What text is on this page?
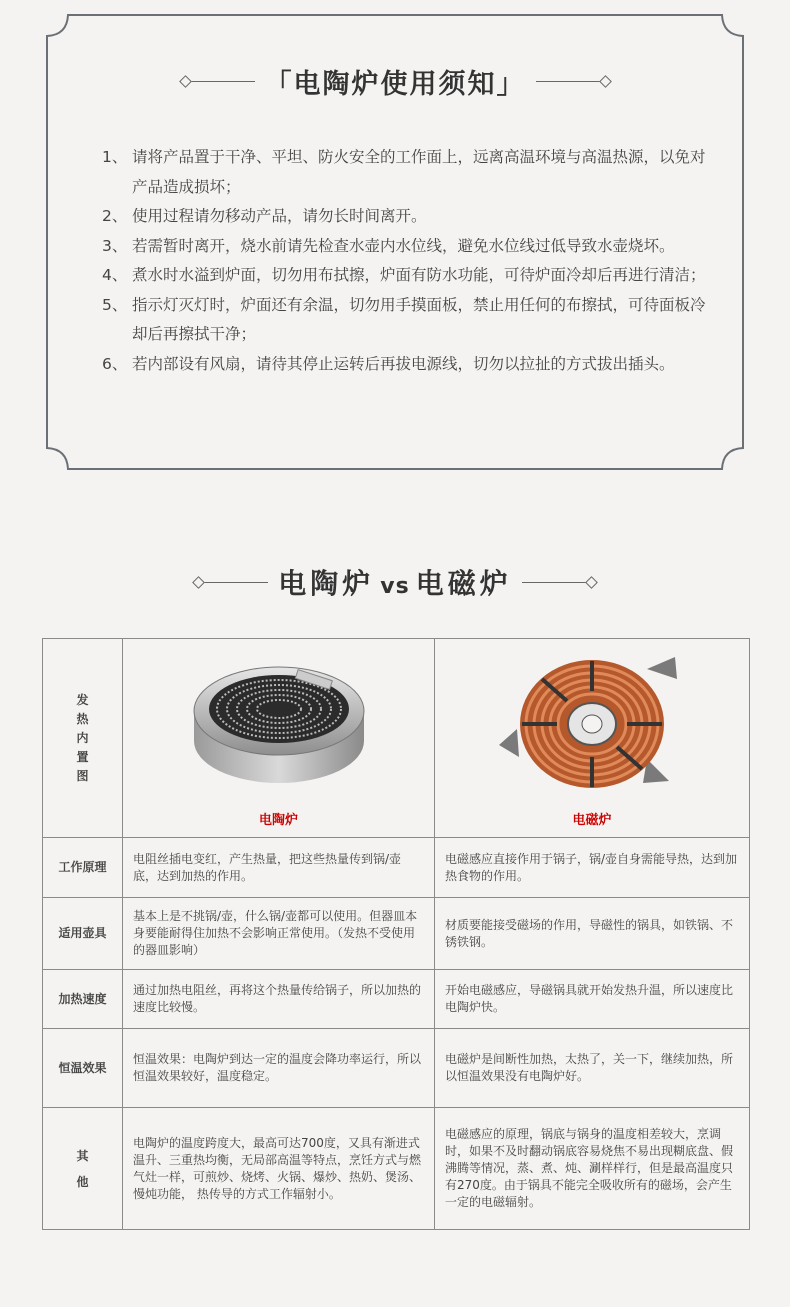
「电陶炉使用须知」
1、 请将产品置于干净、平坦、防火安全的工作面上，远离高温环境与高温热源，以免对产品造成损坏；
2、 使用过程请勿移动产品，请勿长时间离开。
3、 若需暂时离开，烧水前请先检查水壶内水位线，避免水位线过低导致水壶烧坏。
4、 煮水时水溢到炉面，切勿用布拭擦，炉面有防水功能，可待炉面冷却后再进行清洁；
5、 指示灯灭灯时，炉面还有余温，切勿用手摸面板，禁止用任何的布擦拭，可待面板冷却后再擦拭干净；
6、 若内部设有风扇，请待其停止运转后再拔电源线，切勿以拉扯的方式拔出插头。
电陶炉 vs 电磁炉
发热内置图	电陶炉	电磁炉

工作原理	电阻丝插电变红，产生热量，把这些热量传到锅/壶底，达到加热的作用。	电磁感应直接作用于锅子，锅/壶自身需能导热，达到加热食物的作用。
适用壶具	基本上是不挑锅/壶，什么锅/壶都可以使用。但器皿本身要能耐得住加热不会影响正常使用。（发热不受使用的器皿影响）	材质要能接受磁场的作用，导磁性的锅具，如铁锅、不锈铁钢。
加热速度	通过加热电阻丝，再将这个热量传给锅子，所以加热的速度比较慢。	开始电磁感应，导磁锅具就开始发热升温，所以速度比电陶炉快。
恒温效果	恒温效果：电陶炉到达一定的温度会降功率运行，所以恒温效果较好，温度稳定。	电磁炉是间断性加热，太热了，关一下，继续加热，所以恒温效果没有电陶炉好。
其他	电陶炉的温度跨度大，最高可达700度，又具有渐进式温升、三重热均衡，无局部高温等特点，烹饪方式与燃气灶一样，可煎炒、烧烤、火锅、爆炒、热奶、煲汤、 慢炖功能， 热传导的方式工作辐射小。	电磁感应的原理，锅底与锅身的温度相差较大，烹调时，如果不及时翻动锅底容易烧焦不易出现糊底盘、假沸腾等情况，蒸、煮、炖、涮样样行，但是最高温度只有270度。由于锅具不能完全吸收所有的磁场，会产生一定的电磁辐射。
